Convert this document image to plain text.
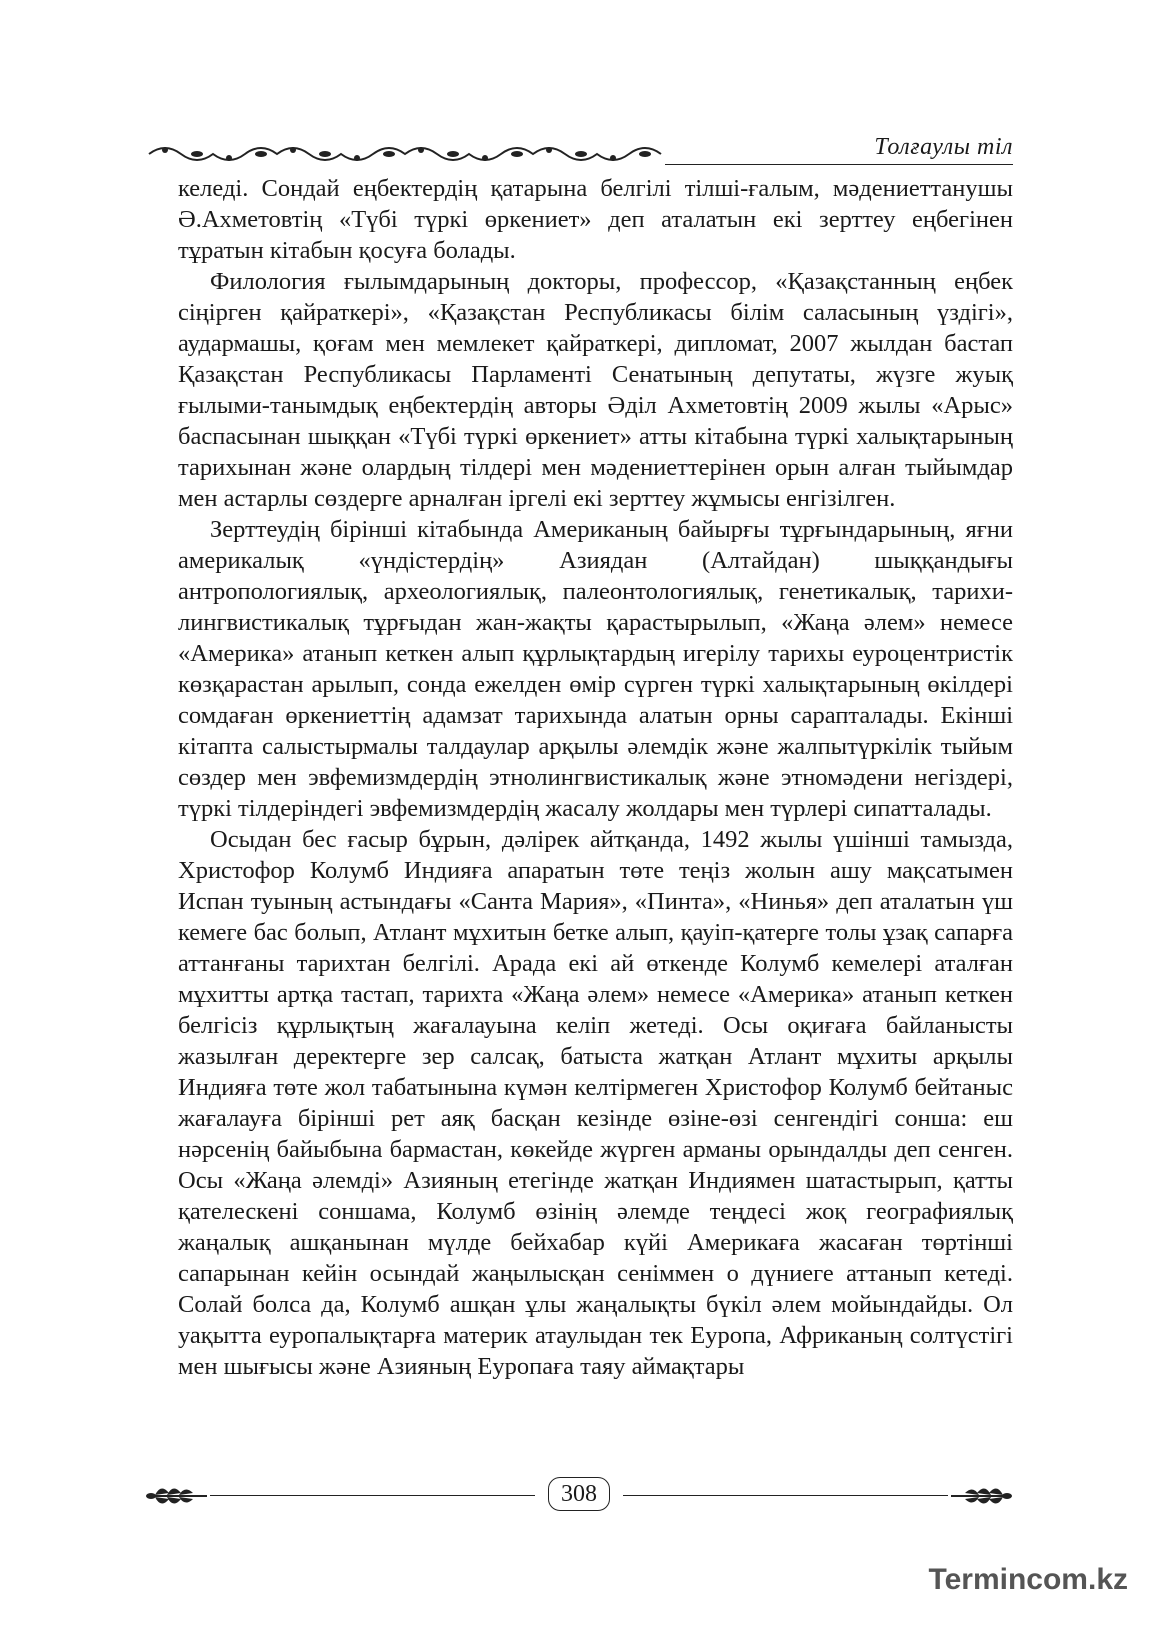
Толғаулы тіл

келеді. Сондай еңбектердің қатарына белгілі тілші-ғалым, мәдениеттанушы Ә.Ахметовтің «Түбі түркі өркениет» деп аталатын екі зерттеу еңбегінен тұратын кітабын қосуға болады.

Филология ғылымдарының докторы, профессор, «Қазақстанның еңбек сіңірген қайраткері», «Қазақстан Республикасы білім саласының үздігі», аудармашы, қоғам мен мемлекет қайраткері, дипломат, 2007 жылдан бастап Қазақстан Республикасы Парламенті Сенатының депутаты, жүзге жуық ғылыми-танымдық еңбектердің авторы Әділ Ахметовтің 2009 жылы «Арыс» баспасынан шыққан «Түбі түркі өркениет» атты кітабына түркі халықтарының тарихынан және олардың тілдері мен мәдениеттерінен орын алған тыйымдар мен астарлы сөздерге арналған іргелі екі зерттеу жұмысы енгізілген.

Зерттеудің бірінші кітабында Американың байырғы тұрғындарының, яғни америкалық «үндістердің» Азиядан (Алтайдан) шыққандығы антропологиялық, археологиялық, палеонтологиялық, генетикалық, тарихи-лингвистикалық тұрғыдан жан-жақты қарастырылып, «Жаңа әлем» немесе «Америка» атанып кеткен алып құрлықтардың игерілу тарихы еуроцентристік көзқарастан арылып, сонда ежелден өмір сүрген түркі халықтарының өкілдері сомдаған өркениеттің адамзат тарихында алатын орны сарапталады. Екінші кітапта салыстырмалы талдаулар арқылы әлемдік және жалпытүркілік тыйым сөздер мен эвфемизмдердің этнолингвистикалық және этномәдени негіздері, түркі тілдеріндегі эвфемизмдердің жасалу жолдары мен түрлері сипатталады.

Осыдан бес ғасыр бұрын, дәлірек айтқанда, 1492 жылы үшінші тамызда, Христофор Колумб Индияға апаратын төте теңіз жолын ашу мақсатымен Испан туының астындағы «Санта Мария», «Пинта», «Нинья» деп аталатын үш кемеге бас болып, Атлант мұхитын бетке алып, қауіп-қатерге толы ұзақ сапарға аттанғаны тарихтан белгілі. Арада екі ай өткенде Колумб кемелері аталған мұхитты артқа тастап, тарихта «Жаңа әлем» немесе «Америка» атанып кеткен белгісіз құрлықтың жағалауына келіп жетеді. Осы оқиғаға байланысты жазылған деректерге зер салсақ, батыста жатқан Атлант мұхиты арқылы Индияға төте жол табатынына күмән келтірмеген Христофор Колумб бейтаныс жағалауға бірінші рет аяқ басқан кезінде өзіне-өзі сенгендігі сонша: еш нәрсенің байыбына бармастан, көкейде жүрген арманы орындалды деп сенген. Осы «Жаңа әлемді» Азияның етегінде жатқан Индиямен шатастырып, қатты қателескені соншама, Колумб өзінің әлемде теңдесі жоқ географиялық жаңалық ашқанынан мүлде бейхабар күйі Америкаға жасаған төртінші сапарынан кейін осындай жаңылысқан сеніммен о дүниеге аттанып кетеді. Солай болса да, Колумб ашқан ұлы жаңалықты бүкіл әлем мойындайды. Ол уақытта еуропалықтарға материк атаулыдан тек Еуропа, Африканың солтүстігі мен шығысы және Азияның Еуропаға таяу аймақтары

308
Termincom.kz
